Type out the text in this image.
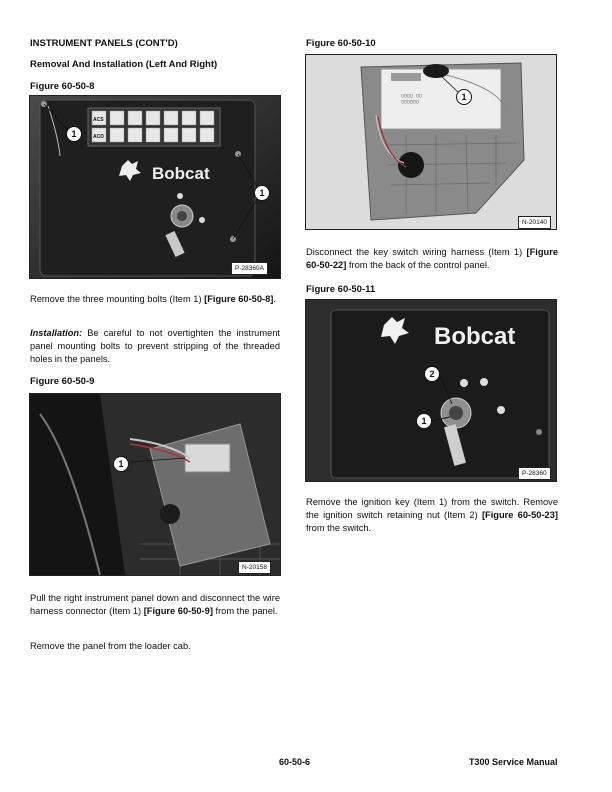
INSTRUMENT PANELS (CONT'D)
Removal And Installation (Left And Right)
Figure 60-50-8
ACS
ACD
Bobcat
1
1
P-28360A
Remove the three mounting bolts (Item 1) [Figure 60-50-8].
Installation: Be careful to not overtighten the instrument panel mounting bolts to prevent stripping of the threaded holes in the panels.
Figure 60-50-9
1
N-20158
Pull the right instrument panel down and disconnect the wire harness connector (Item 1) [Figure 60-50-9] from the panel.
Remove the panel from the loader cab.
Figure 60-50-10
▢▢▢▢ ▢▢
▢▢▢▢▢▢	1
N-20140
Disconnect the key switch wiring harness (Item 1) [Figure 60-50-22] from the back of the control panel.
Figure 60-50-11
Bobcat
2
1
P-28360
Remove the ignition key (Item 1) from the switch. Remove the ignition switch retaining nut (Item 2) [Figure 60-50-23] from the switch.
60-50-6	T300 Service Manual
